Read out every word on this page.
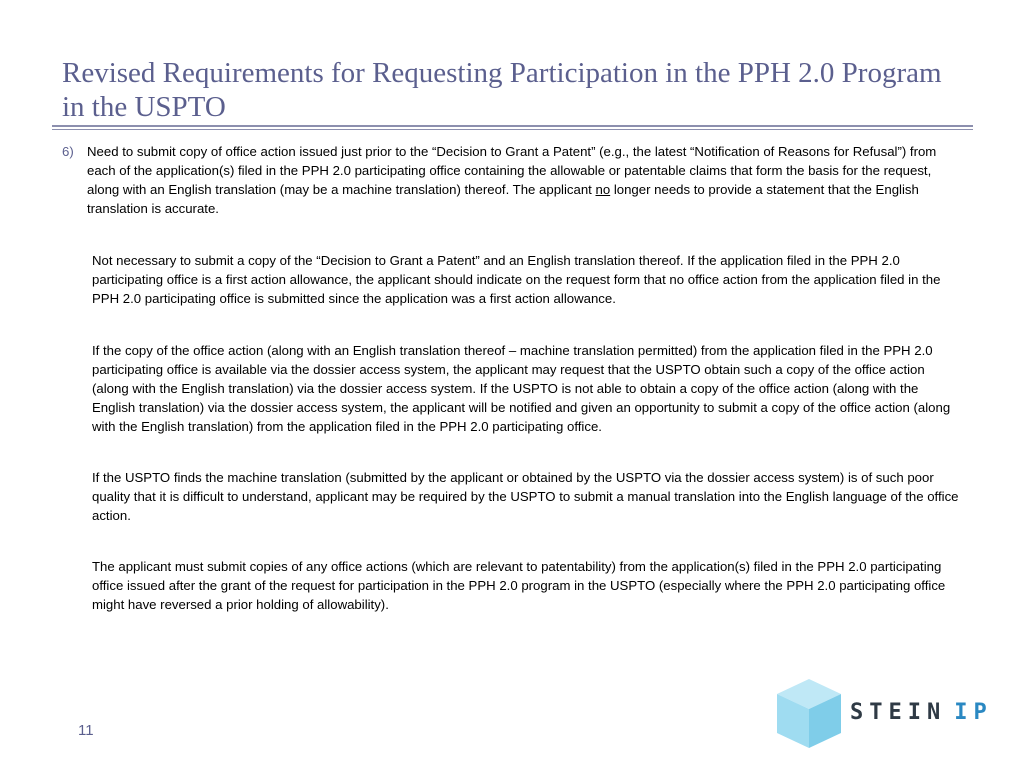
Revised Requirements for Requesting Participation in the PPH 2.0 Program in the USPTO
6) Need to submit copy of office action issued just prior to the “Decision to Grant a Patent” (e.g., the latest “Notification of Reasons for Refusal”) from each of the application(s) filed in the PPH 2.0 participating office containing the allowable or patentable claims that form the basis for the request, along with an English translation (may be a machine translation) thereof. The applicant no longer needs to provide a statement that the English translation is accurate.

Not necessary to submit a copy of the “Decision to Grant a Patent” and an English translation thereof. If the application filed in the PPH 2.0 participating office is a first action allowance, the applicant should indicate on the request form that no office action from the application filed in the PPH 2.0 participating office is submitted since the application was a first action allowance.

If the copy of the office action (along with an English translation thereof – machine translation permitted) from the application filed in the PPH 2.0 participating office is available via the dossier access system, the applicant may request that the USPTO obtain such a copy of the office action (along with the English translation) via the dossier access system. If the USPTO is not able to obtain a copy of the office action (along with the English translation) via the dossier access system, the applicant will be notified and given an opportunity to submit a copy of the office action (along with the English translation) from the application filed in the PPH 2.0 participating office.

If the USPTO finds the machine translation (submitted by the applicant or obtained by the USPTO via the dossier access system) is of such poor quality that it is difficult to understand, applicant may be required by the USPTO to submit a manual translation into the English language of the office action.

The applicant must submit copies of any office actions (which are relevant to patentability) from the application(s) filed in the PPH 2.0 participating office issued after the grant of the request for participation in the PPH 2.0 program in the USPTO (especially where the PPH 2.0 participating office might have reversed a prior holding of allowability).

11
STEIN IP
